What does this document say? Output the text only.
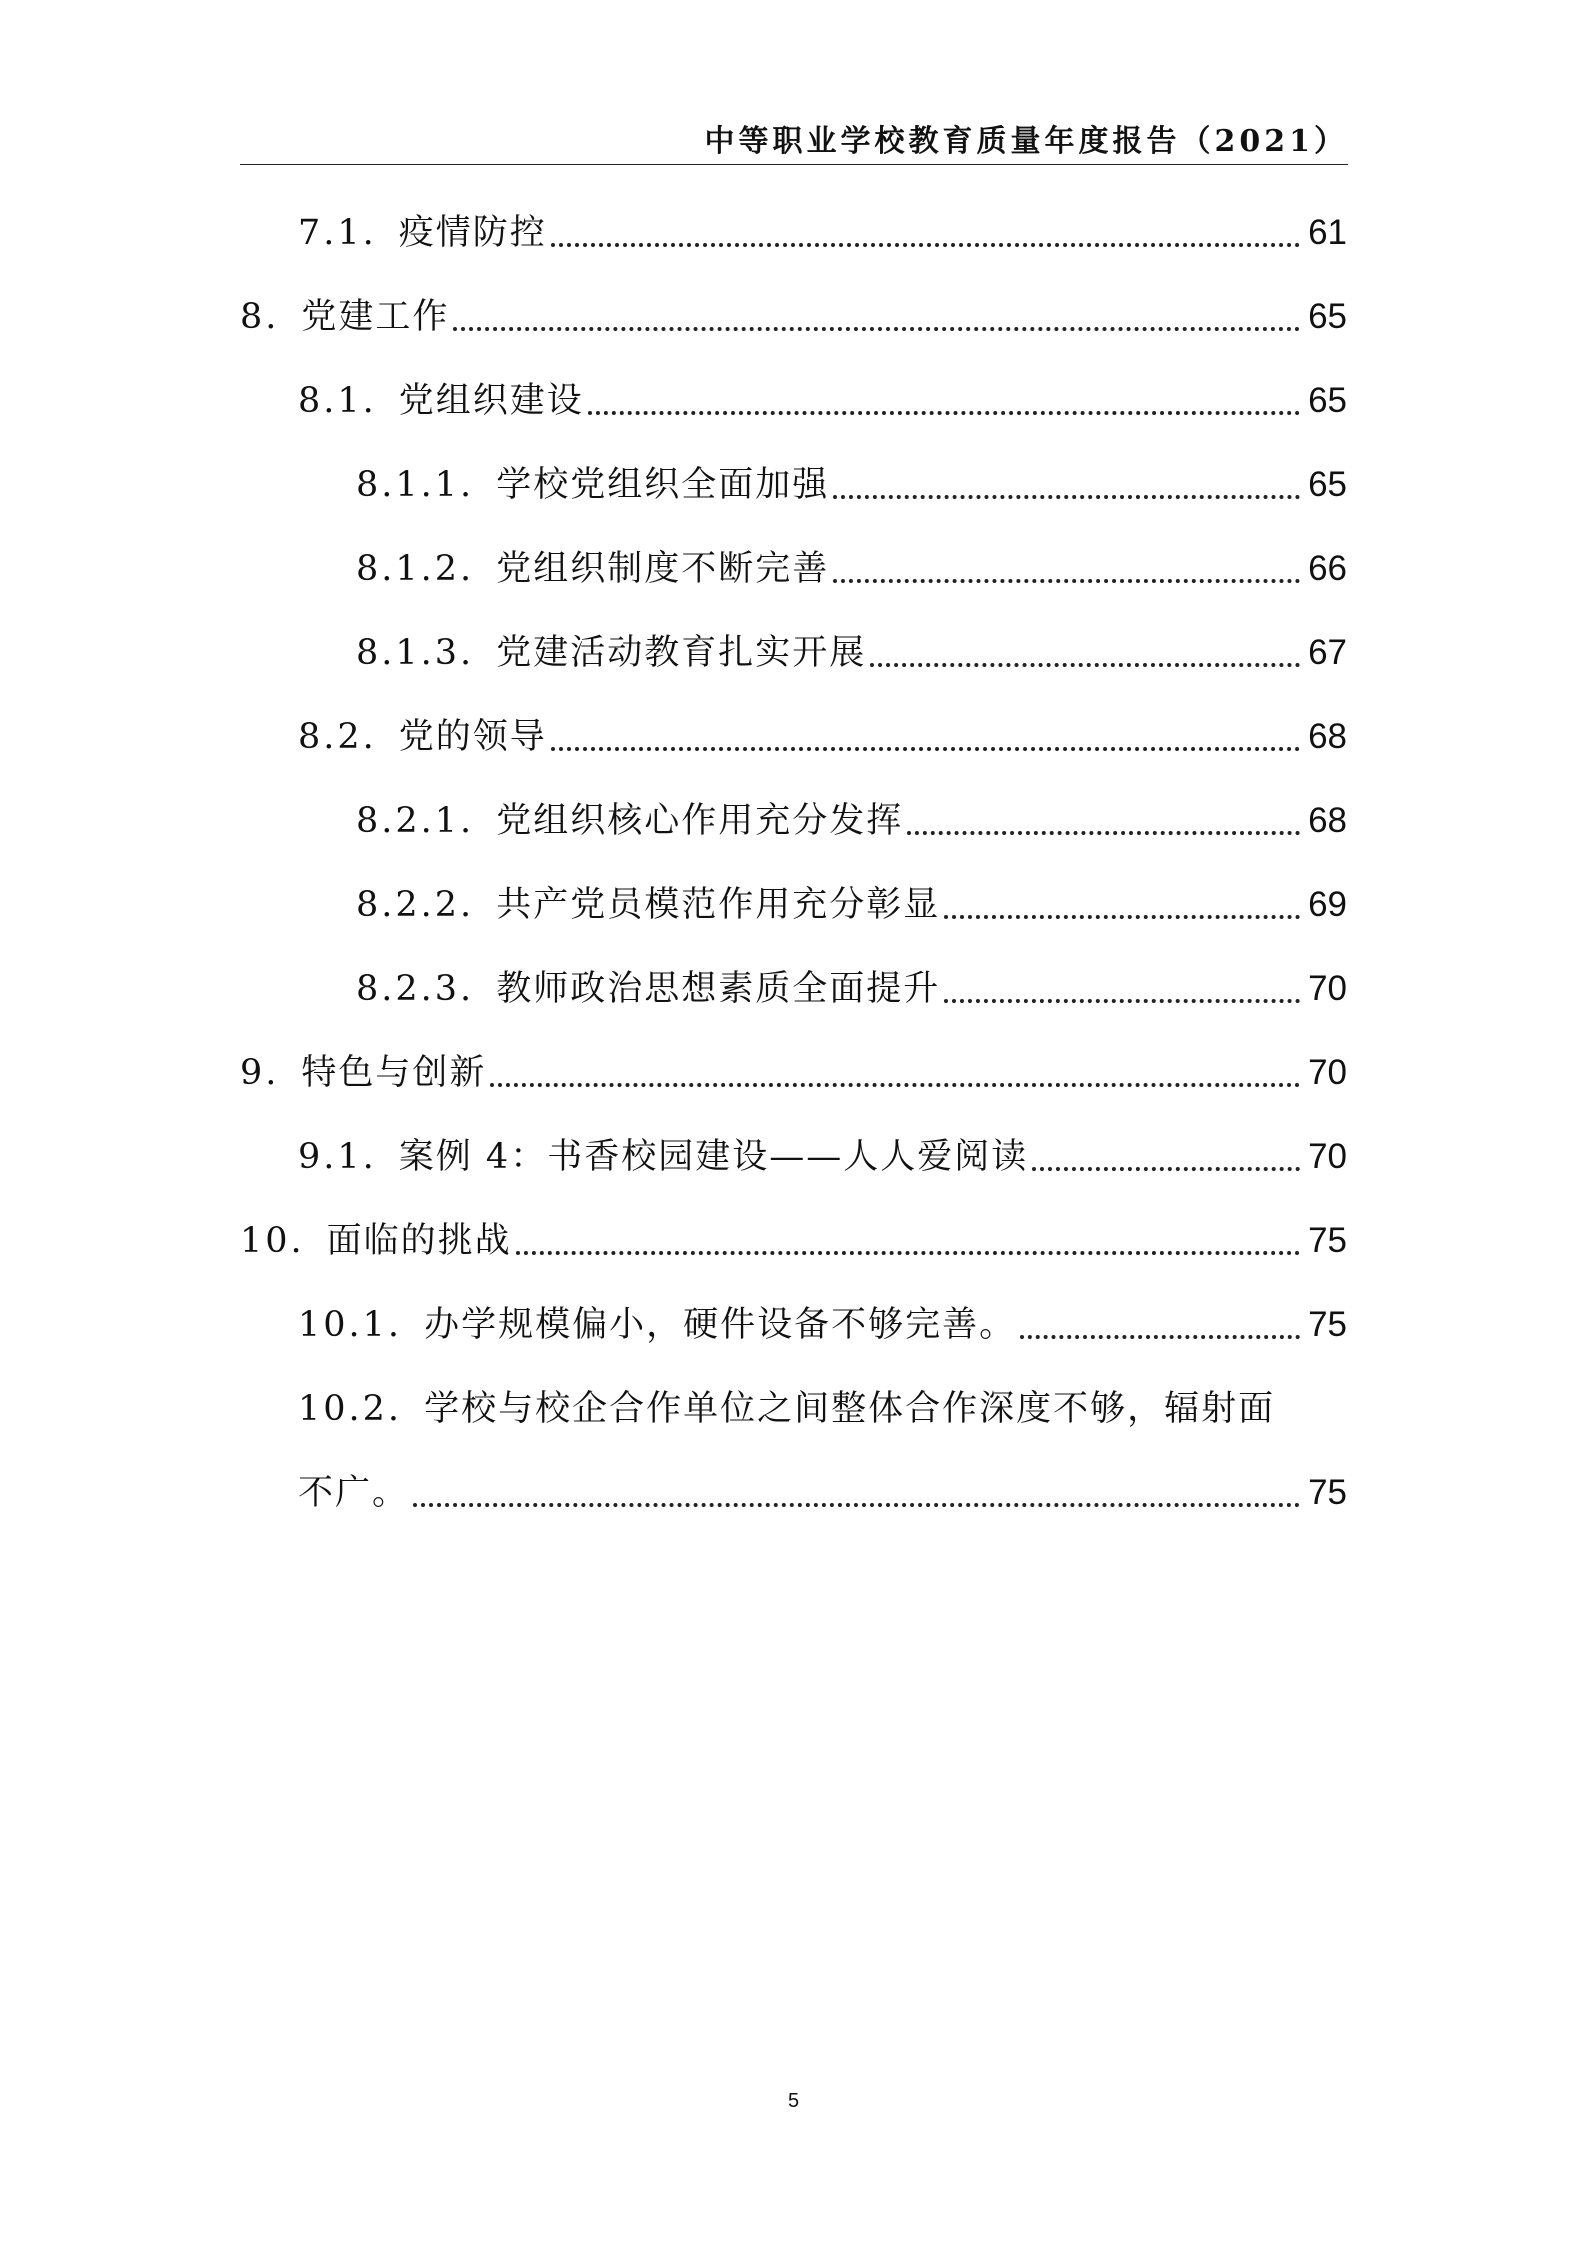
中等职业学校教育质量年度报告（2021）
7.1. 疫情防控	61
8. 党建工作	65
8.1. 党组织建设	65
8.1.1. 学校党组织全面加强	65
8.1.2. 党组织制度不断完善	66
8.1.3. 党建活动教育扎实开展	67
8.2. 党的领导	68
8.2.1. 党组织核心作用充分发挥	68
8.2.2. 共产党员模范作用充分彰显	69
8.2.3. 教师政治思想素质全面提升	70
9. 特色与创新	70
9.1. 案例 4：书香校园建设——人人爱阅读	70
10. 面临的挑战	75
10.1. 办学规模偏小，硬件设备不够完善。	75
10.2. 学校与校企合作单位之间整体合作深度不够，辐射面
不广。	75
5
